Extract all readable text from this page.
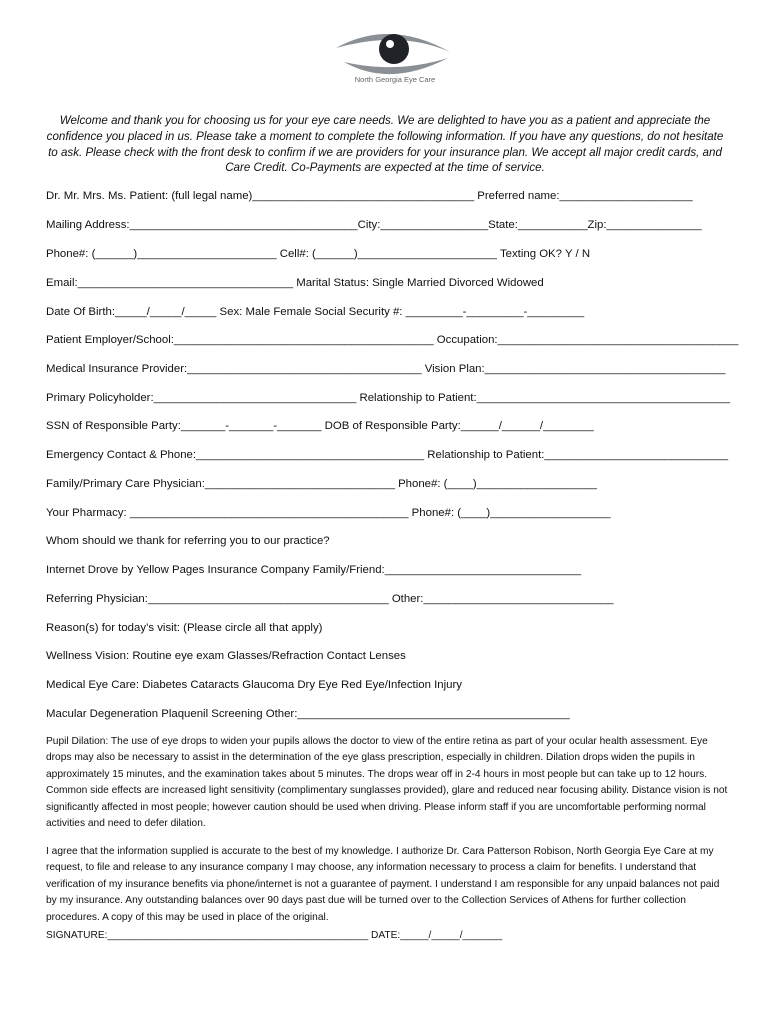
North Georgia Eye Care
Welcome and thank you for choosing us for your eye care needs. We are delighted to have you as a patient and appreciate the confidence you placed in us. Please take a moment to complete the following information. If you have any questions, do not hesitate to ask. Please check with the front desk to confirm if we are providers for your insurance plan. We accept all major credit cards, and Care Credit. Co-Payments are expected at the time of service.
Dr. Mr. Mrs. Ms. Patient: (full legal name)___________________________________ Preferred name:_____________________
Mailing Address:____________________________________City:_________________State:___________Zip:_______________
Phone#: (______)______________________ Cell#: (______)______________________ Texting OK? Y / N
Email:__________________________________ Marital Status: Single Married Divorced Widowed
Date Of Birth:_____/_____/_____ Sex: Male Female Social Security #: _________-_________-_________
Patient Employer/School:_________________________________________ Occupation:______________________________________
Medical Insurance Provider:_____________________________________ Vision Plan:______________________________________
Primary Policyholder:________________________________ Relationship to Patient:________________________________________
SSN of Responsible Party:_______-_______-_______ DOB of Responsible Party:______/______/________
Emergency Contact & Phone:____________________________________ Relationship to Patient:_____________________________
Family/Primary Care Physician:______________________________ Phone#: (____)___________________
Your Pharmacy: ____________________________________________ Phone#: (____)___________________
Whom should we thank for referring you to our practice?
Internet Drove by Yellow Pages Insurance Company Family/Friend:_______________________________
Referring Physician:______________________________________ Other:______________________________
Reason(s) for today’s visit: (Please circle all that apply)
Wellness Vision: Routine eye exam Glasses/Refraction Contact Lenses
Medical Eye Care: Diabetes Cataracts Glaucoma Dry Eye Red Eye/Infection Injury
Macular Degeneration Plaquenil Screening Other:___________________________________________
Pupil Dilation: The use of eye drops to widen your pupils allows the doctor to view of the entire retina as part of your ocular health assessment. Eye drops may also be necessary to assist in the determination of the eye glass prescription, especially in children. Dilation drops widen the pupils in approximately 15 minutes, and the examination takes about 5 minutes. The drops wear off in 2-4 hours in most people but can take up to 12 hours. Common side effects are increased light sensitivity (complimentary sunglasses provided), glare and reduced near focusing ability. Distance vision is not significantly affected in most people; however caution should be used when driving. Please inform staff if you are uncomfortable performing normal activities and need to defer dilation.
I agree that the information supplied is accurate to the best of my knowledge. I authorize Dr. Cara Patterson Robison, North Georgia Eye Care at my request, to file and release to any insurance company I may choose, any information necessary to process a claim for benefits. I understand that verification of my insurance benefits via phone/internet is not a guarantee of payment. I understand I am responsible for any unpaid balances not paid by my insurance. Any outstanding balances over 90 days past due will be turned over to the Collection Services of Athens for further collection procedures. A copy of this may be used in place of the original.
SIGNATURE:______________________________________________ DATE:_____/_____/_______
